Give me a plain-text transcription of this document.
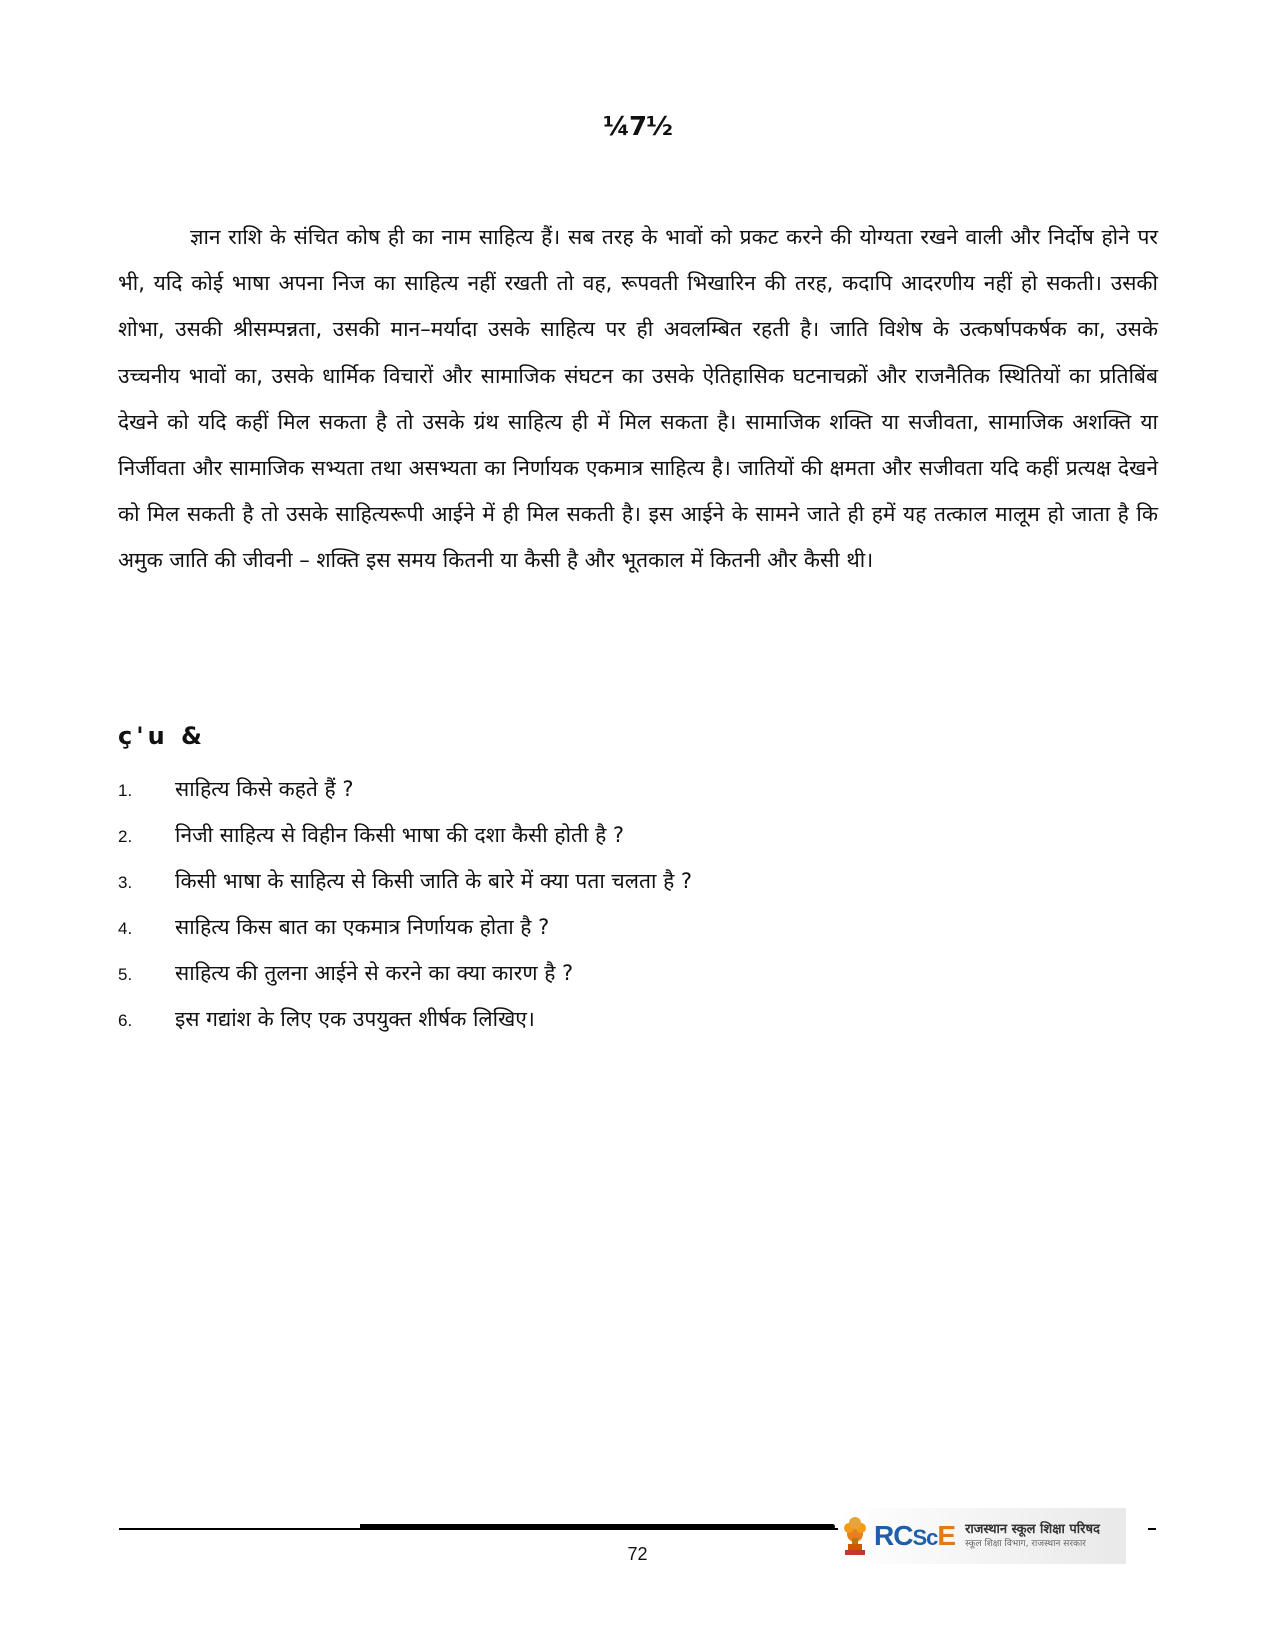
¼7½

ज्ञान राशि के संचित कोष ही का नाम साहित्य हैं। सब तरह के भावों को प्रकट करने की योग्यता रखने वाली और निर्दोष होने पर भी, यदि कोई भाषा अपना निज का साहित्य नहीं रखती तो वह, रूपवती भिखारिन की तरह, कदापि आदरणीय नहीं हो सकती। उसकी शोभा, उसकी श्रीसम्पन्नता, उसकी मान–मर्यादा उसके साहित्य पर ही अवलम्बित रहती है। जाति विशेष के उत्कर्षापकर्षक का, उसके उच्चनीय भावों का, उसके धार्मिक विचारों और सामाजिक संघटन का उसके ऐतिहासिक घटनाचक्रों और राजनैतिक स्थितियों का प्रतिबिंब देखने को यदि कहीं मिल सकता है तो उसके ग्रंथ साहित्य ही में मिल सकता है। सामाजिक शक्ति या सजीवता, सामाजिक अशक्ति या निर्जीवता और सामाजिक सभ्यता तथा असभ्यता का निर्णायक एकमात्र साहित्य है। जातियों की क्षमता और सजीवता यदि कहीं प्रत्यक्ष देखने को मिल सकती है तो उसके साहित्यरूपी आईने में ही मिल सकती है। इस आईने के सामने जाते ही हमें यह तत्काल मालूम हो जाता है कि अमुक जाति की जीवनी – शक्ति इस समय कितनी या कैसी है और भूतकाल में कितनी और कैसी थी।

ç'u &
1. साहित्य किसे कहते हैं ?
2. निजी साहित्य से विहीन किसी भाषा की दशा कैसी होती है ?
3. किसी भाषा के साहित्य से किसी जाति के बारे में क्या पता चलता है ?
4. साहित्य किस बात का एकमात्र निर्णायक होता है ?
5. साहित्य की तुलना आईने से करने का क्या कारण है ?
6. इस गद्यांश के लिए एक उपयुक्त शीर्षक लिखिए।
72
RCScE राजस्थान स्कूल शिक्षा परिषद
स्कूल शिक्षा विभाग, राजस्थान सरकार
